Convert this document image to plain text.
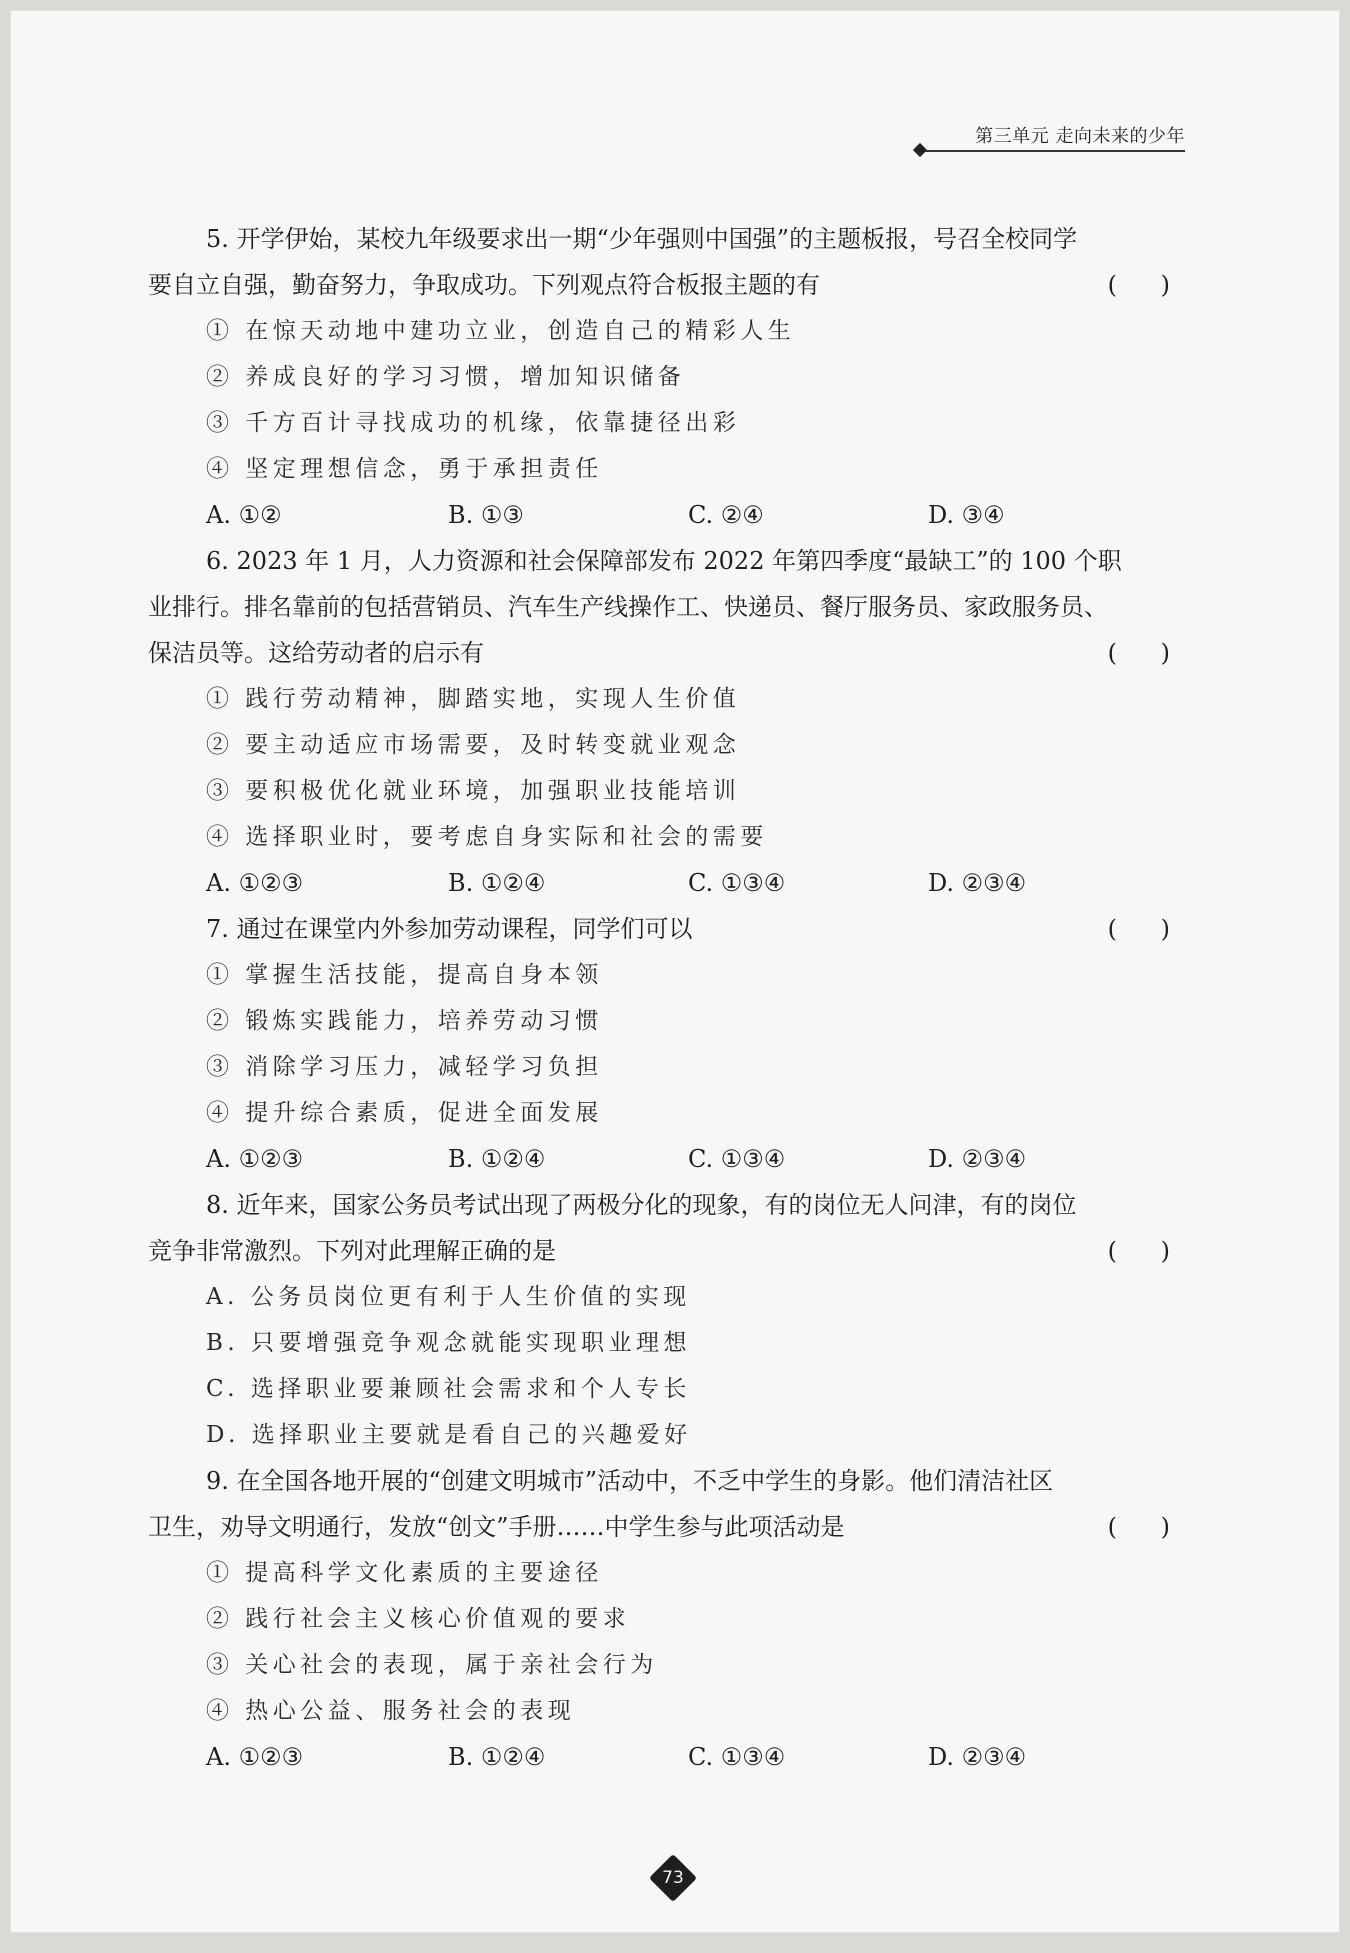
第三单元 走向未来的少年
5. 开学伊始，某校九年级要求出一期“少年强则中国强”的主题板报，号召全校同学
要自立自强，勤奋努力，争取成功。下列观点符合板报主题的有	( )
① 在惊天动地中建功立业，创造自己的精彩人生
② 养成良好的学习习惯，增加知识储备
③ 千方百计寻找成功的机缘，依靠捷径出彩
④ 坚定理想信念，勇于承担责任
A. ①②	B. ①③	C. ②④	D. ③④
6. 2023 年 1 月，人力资源和社会保障部发布 2022 年第四季度“最缺工”的 100 个职
业排行。排名靠前的包括营销员、汽车生产线操作工、快递员、餐厅服务员、家政服务员、
保洁员等。这给劳动者的启示有	( )
① 践行劳动精神，脚踏实地，实现人生价值
② 要主动适应市场需要，及时转变就业观念
③ 要积极优化就业环境，加强职业技能培训
④ 选择职业时，要考虑自身实际和社会的需要
A. ①②③	B. ①②④	C. ①③④	D. ②③④
7. 通过在课堂内外参加劳动课程，同学们可以	( )
① 掌握生活技能，提高自身本领
② 锻炼实践能力，培养劳动习惯
③ 消除学习压力，减轻学习负担
④ 提升综合素质，促进全面发展
A. ①②③	B. ①②④	C. ①③④	D. ②③④
8. 近年来，国家公务员考试出现了两极分化的现象，有的岗位无人问津，有的岗位
竞争非常激烈。下列对此理解正确的是	( )
A. 公务员岗位更有利于人生价值的实现
B. 只要增强竞争观念就能实现职业理想
C. 选择职业要兼顾社会需求和个人专长
D. 选择职业主要就是看自己的兴趣爱好
9. 在全国各地开展的“创建文明城市”活动中，不乏中学生的身影。他们清洁社区
卫生，劝导文明通行，发放“创文”手册……中学生参与此项活动是	( )
① 提高科学文化素质的主要途径
② 践行社会主义核心价值观的要求
③ 关心社会的表现，属于亲社会行为
④ 热心公益、服务社会的表现
A. ①②③	B. ①②④	C. ①③④	D. ②③④
73
